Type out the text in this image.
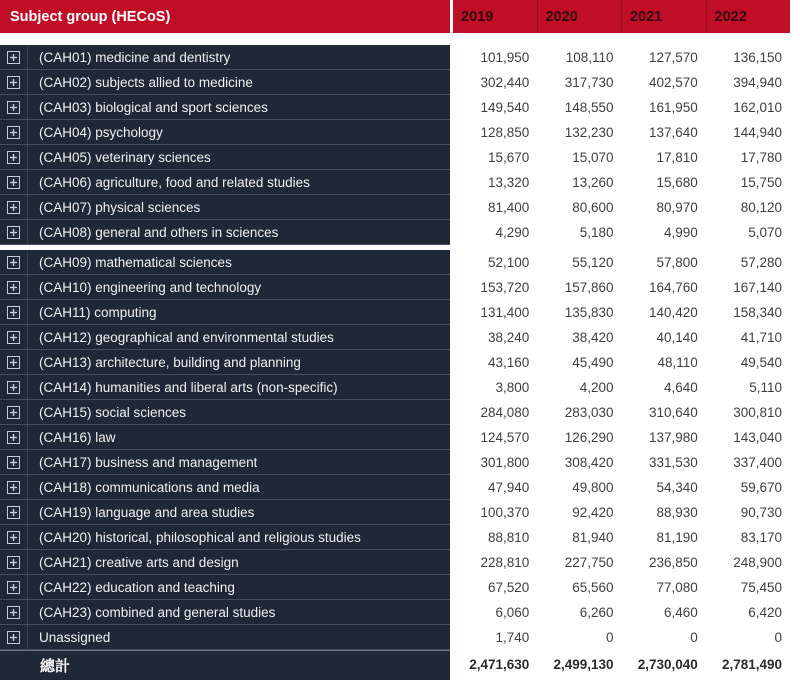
Subject group (HECoS)	2019	2020	2021	2022
(CAH01) medicine and dentistry	101,950	108,110	127,570	136,150
(CAH02) subjects allied to medicine	302,440	317,730	402,570	394,940
(CAH03) biological and sport sciences	149,540	148,550	161,950	162,010
(CAH04) psychology	128,850	132,230	137,640	144,940
(CAH05) veterinary sciences	15,670	15,070	17,810	17,780
(CAH06) agriculture, food and related studies	13,320	13,260	15,680	15,750
(CAH07) physical sciences	81,400	80,600	80,970	80,120
(CAH08) general and others in sciences	4,290	5,180	4,990	5,070
(CAH09) mathematical sciences	52,100	55,120	57,800	57,280
(CAH10) engineering and technology	153,720	157,860	164,760	167,140
(CAH11) computing	131,400	135,830	140,420	158,340
(CAH12) geographical and environmental studies	38,240	38,420	40,140	41,710
(CAH13) architecture, building and planning	43,160	45,490	48,110	49,540
(CAH14) humanities and liberal arts (non-specific)	3,800	4,200	4,640	5,110
(CAH15) social sciences	284,080	283,030	310,640	300,810
(CAH16) law	124,570	126,290	137,980	143,040
(CAH17) business and management	301,800	308,420	331,530	337,400
(CAH18) communications and media	47,940	49,800	54,340	59,670
(CAH19) language and area studies	100,370	92,420	88,930	90,730
(CAH20) historical, philosophical and religious studies	88,810	81,940	81,190	83,170
(CAH21) creative arts and design	228,810	227,750	236,850	248,900
(CAH22) education and teaching	67,520	65,560	77,080	75,450
(CAH23) combined and general studies	6,060	6,260	6,460	6,420
Unassigned	1,740	0	0	0
總計	2,471,630	2,499,130	2,730,040	2,781,490
